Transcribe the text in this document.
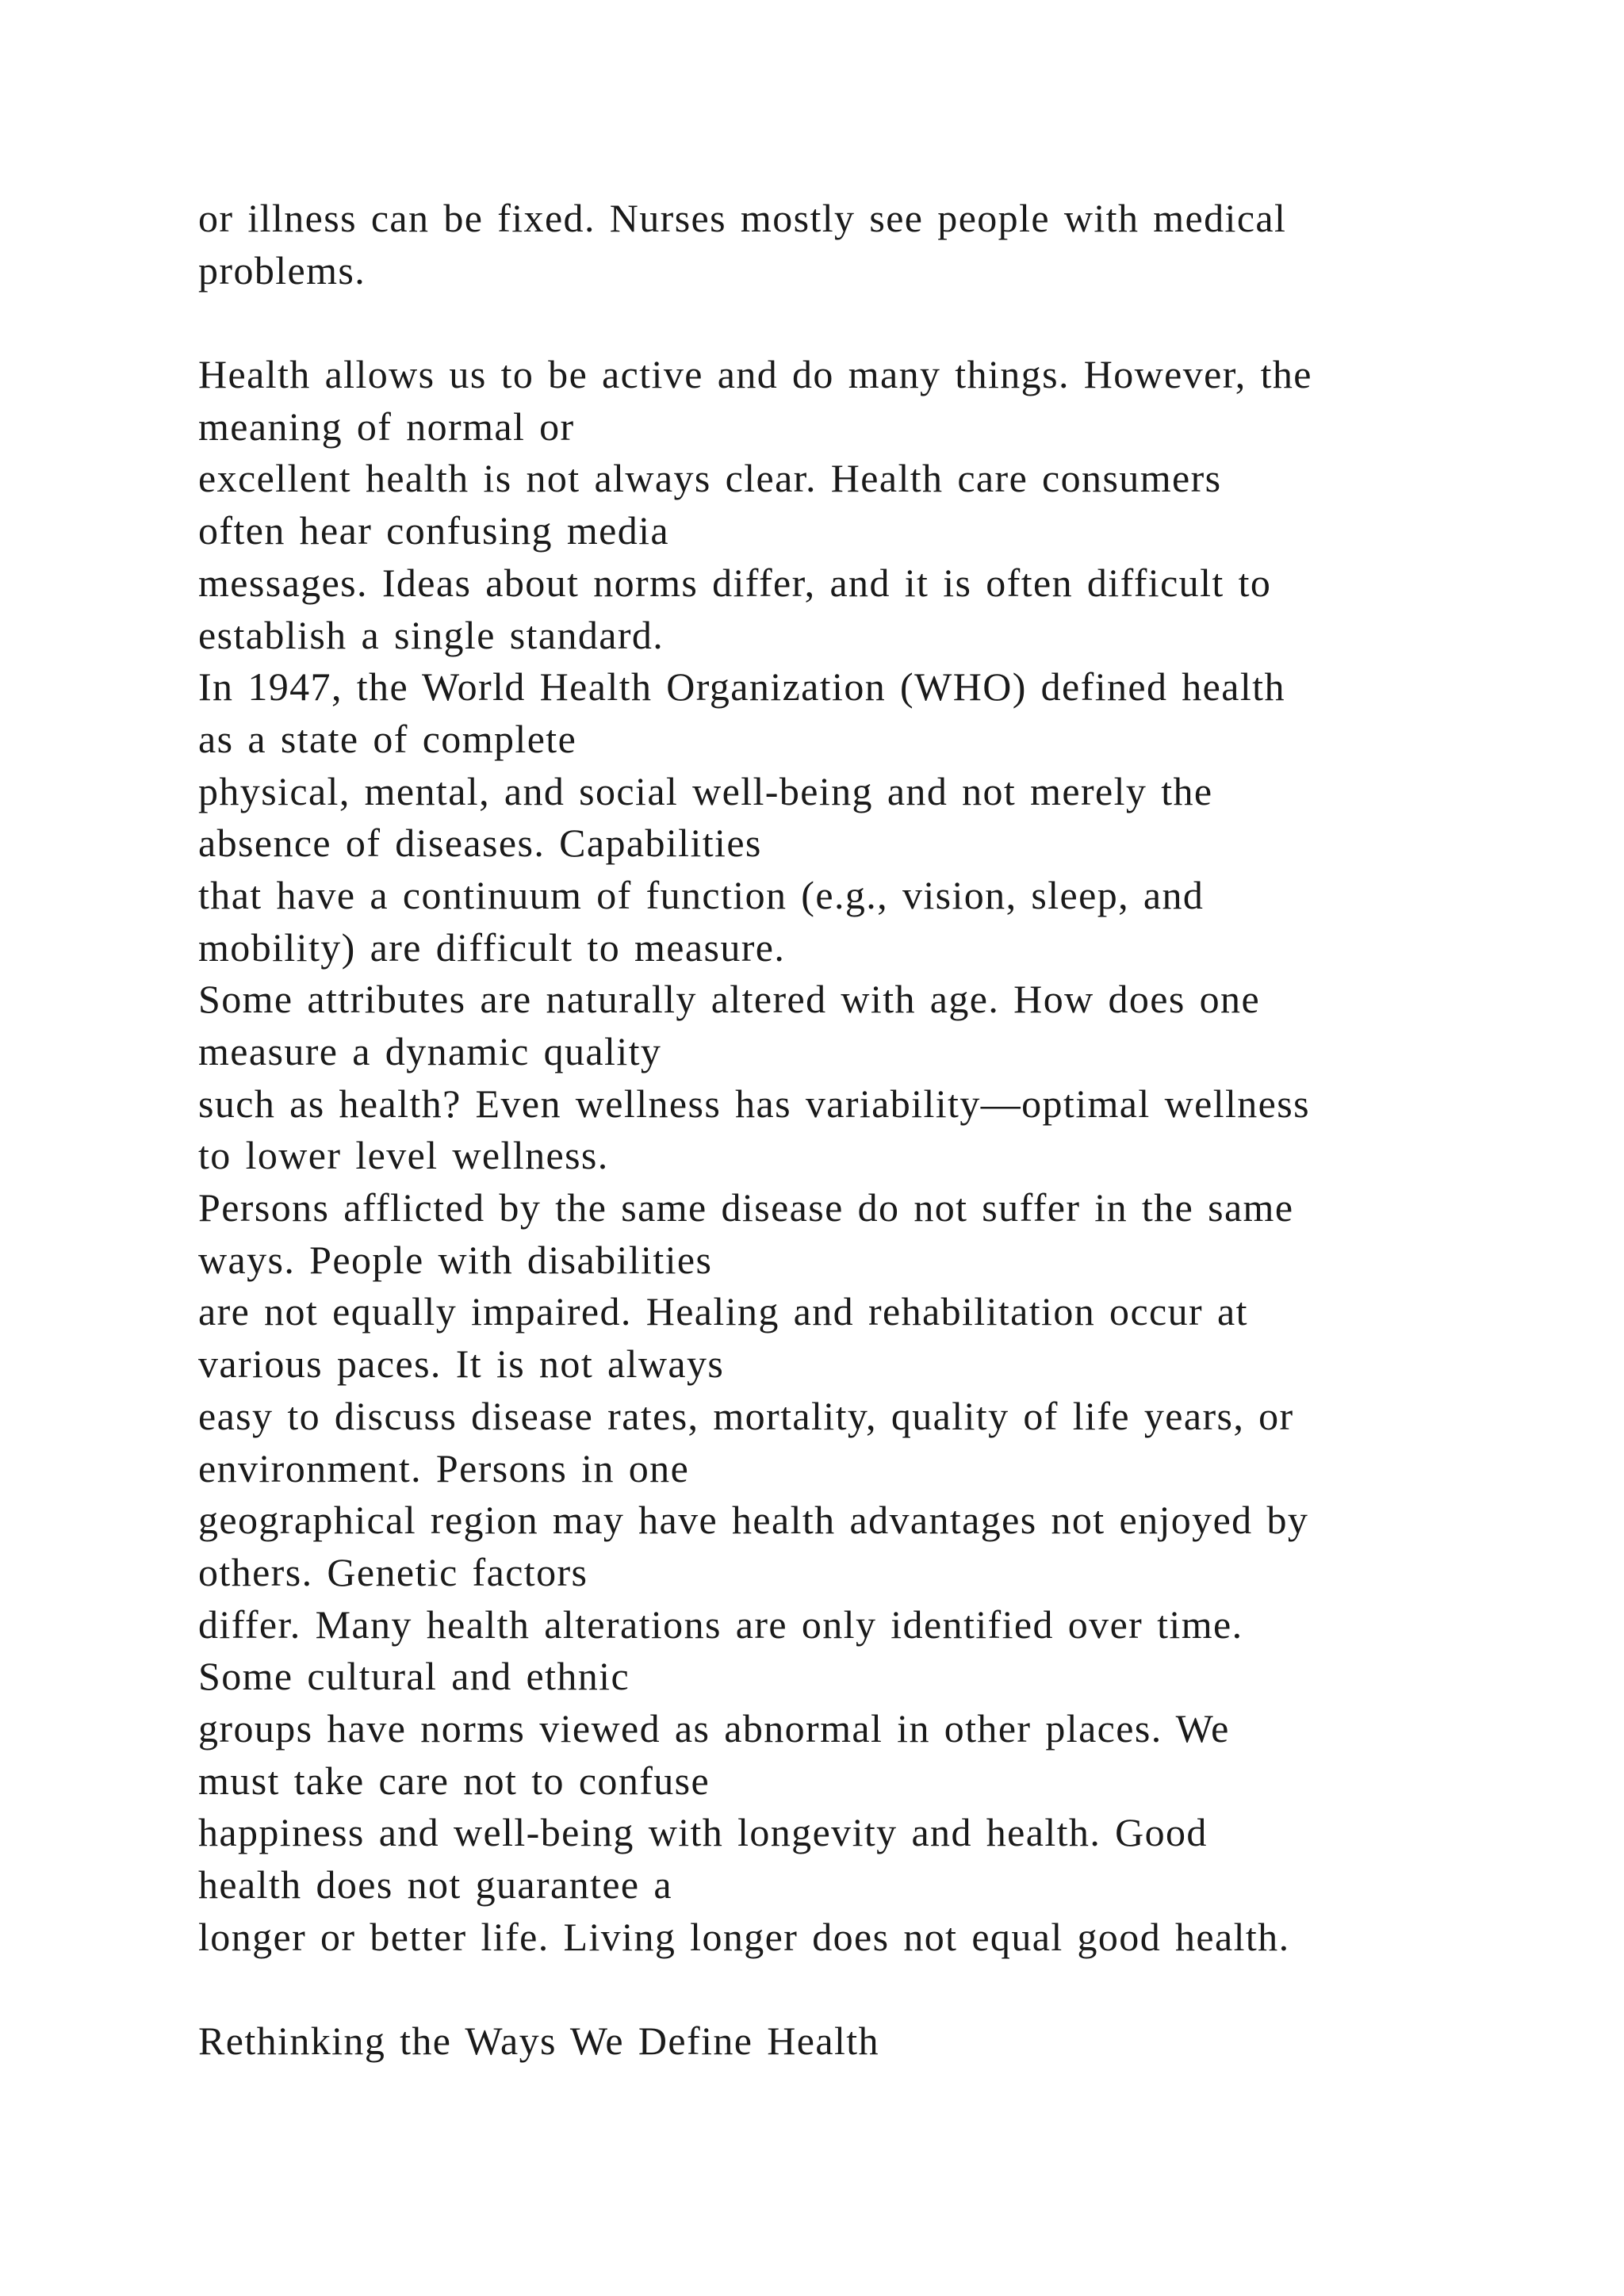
or illness can be fixed. Nurses mostly see people with medical
problems.
Health allows us to be active and do many things. However, the
meaning of normal or
excellent health is not always clear. Health care consumers
often hear confusing media
messages. Ideas about norms differ, and it is often difficult to
establish a single standard.
In 1947, the World Health Organization (WHO) defined health
as a state of complete
physical, mental, and social well-being and not merely the
absence of diseases. Capabilities
that have a continuum of function (e.g., vision, sleep, and
mobility) are difficult to measure.
Some attributes are naturally altered with age. How does one
measure a dynamic quality
such as health? Even wellness has variability—optimal wellness
to lower level wellness.
Persons afflicted by the same disease do not suffer in the same
ways. People with disabilities
are not equally impaired. Healing and rehabilitation occur at
various paces. It is not always
easy to discuss disease rates, mortality, quality of life years, or
environment. Persons in one
geographical region may have health advantages not enjoyed by
others. Genetic factors
differ. Many health alterations are only identified over time.
Some cultural and ethnic
groups have norms viewed as abnormal in other places. We
must take care not to confuse
happiness and well-being with longevity and health. Good
health does not guarantee a
longer or better life. Living longer does not equal good health.
Rethinking the Ways We Define Health
